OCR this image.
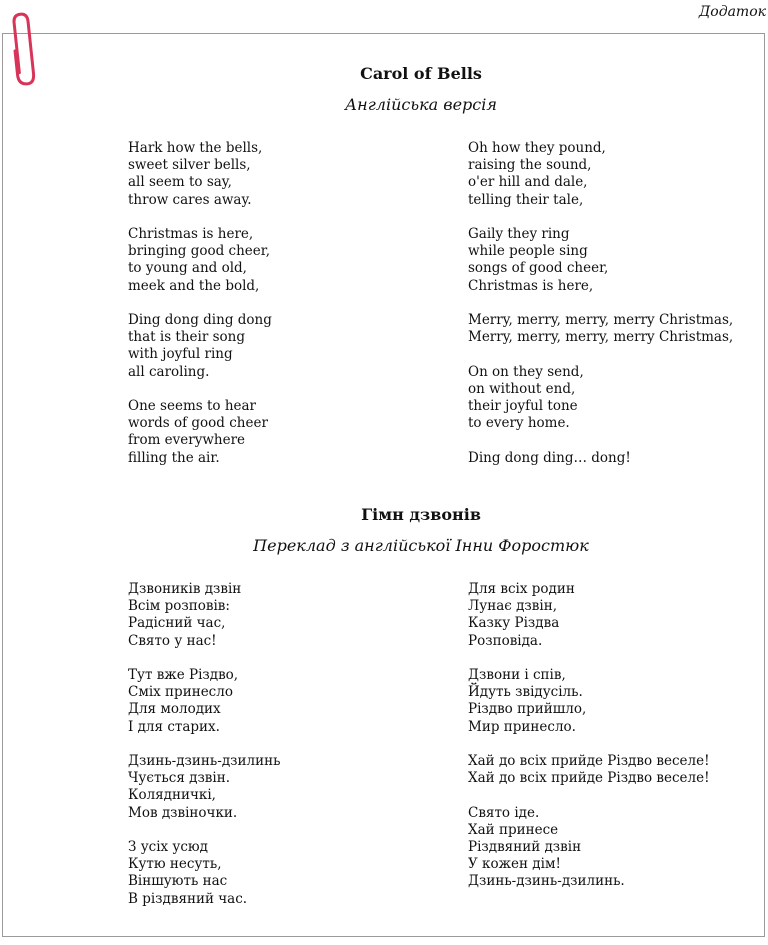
Додаток
Carol of Bells
Англійська версія
Hark how the bells,
sweet silver bells,
all seem to say,
throw cares away.
Christmas is here,
bringing good cheer,
to young and old,
meek and the bold,
Ding dong ding dong
that is their song
with joyful ring
all caroling.
One seems to hear
words of good cheer
from everywhere
filling the air.
Oh how they pound,
raising the sound,
o'er hill and dale,
telling their tale,
Gaily they ring
while people sing
songs of good cheer,
Christmas is here,
Merry, merry, merry, merry Christmas,
Merry, merry, merry, merry Christmas,
On on they send,
on without end,
their joyful tone
to every home.
Ding dong ding… dong!
Гімн дзвонів
Переклад з англійської Інни Форостюк
Дзвоників дзвін
Всім розповів:
Радісний час,
Свято у нас!
Тут вже Різдво,
Сміх принесло
Для молодих
І для старих.
Дзинь-дзинь-дзилинь
Чується дзвін.
Колядничкі,
Мов дзвіночки.
З усіх усюд
Кутю несуть,
Віншують нас
В різдвяний час.
Для всіх родин
Лунає дзвін,
Казку Різдва
Розповіда.
Дзвони і спів,
Йдуть звідусіль.
Різдво прийшло,
Мир принесло.
Хай до всіх прийде Різдво веселе!
Хай до всіх прийде Різдво веселе!
Свято іде.
Хай принесе
Різдвяний дзвін
У кожен дім!
Дзинь-дзинь-дзилинь.
